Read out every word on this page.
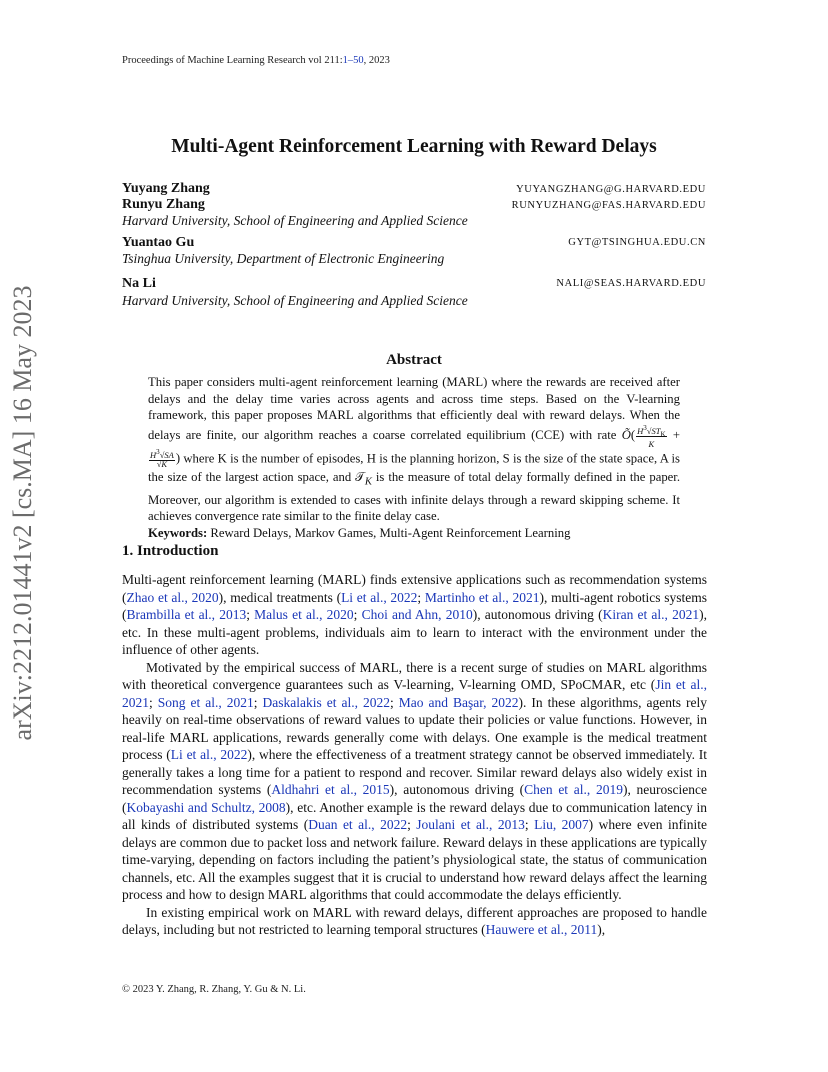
Proceedings of Machine Learning Research vol 211:1–50, 2023
Multi-Agent Reinforcement Learning with Reward Delays
Yuyang Zhang	YUYANGZHANG@G.HARVARD.EDU
Runyu Zhang	RUNYUZHANG@FAS.HARVARD.EDU
Harvard University, School of Engineering and Applied Science
Yuantao Gu	GYT@TSINGHUA.EDU.CN
Tsinghua University, Department of Electronic Engineering
Na Li	NALI@SEAS.HARVARD.EDU
Harvard University, School of Engineering and Applied Science
arXiv:2212.01441v2 [cs.MA] 16 May 2023	Abstract

This paper considers multi-agent reinforcement learning (MARL) where the rewards are received after delays and the delay time varies across agents and across time steps. Based on the V-learning framework, this paper proposes MARL algorithms that efficiently deal with reward delays. When the delays are finite, our algorithm reaches a coarse correlated equilibrium (CCE) with rate $Õ(\frac{H^3√ST_K}{K} + H^3√SA$
√K ) where K is the number of episodes, H is the planning horizon, S is the size of the state space, A is the size of the largest action space, and 𝒯$_K$ is the measure of total delay formally defined in the paper. Moreover, our algorithm is extended to cases with infinite delays through a reward skipping scheme. It achieves convergence rate similar to the finite delay case.

Keywords: Reward Delays, Markov Games, Multi-Agent Reinforcement Learning

1. Introduction

Multi-agent reinforcement learning (MARL) finds extensive applications such as recommendation systems (Zhao et al., 2020), medical treatments (Li et al., 2022; Martinho et al., 2021), multi-agent robotics systems (Brambilla et al., 2013; Malus et al., 2020; Choi and Ahn, 2010), autonomous driving (Kiran et al., 2021), etc. In these multi-agent problems, individuals aim to learn to interact with the environment under the influence of other agents.

Motivated by the empirical success of MARL, there is a recent surge of studies on MARL algorithms with theoretical convergence guarantees such as V-learning, V-learning OMD, SPoCMAR, etc (Jin et al., 2021; Song et al., 2021; Daskalakis et al., 2022; Mao and Başar, 2022). In these algorithms, agents rely heavily on real-time observations of reward values to update their policies or value functions. However, in real-life MARL applications, rewards generally come with delays. One example is the medical treatment process (Li et al., 2022), where the effectiveness of a treatment strategy cannot be observed immediately. It generally takes a long time for a patient to respond and recover. Similar reward delays also widely exist in recommendation systems (Aldhahri et al., 2015), autonomous driving (Chen et al., 2019), neuroscience (Kobayashi and Schultz, 2008), etc. Another example is the reward delays due to communication latency in all kinds of distributed systems (Duan et al., 2022; Joulani et al., 2013; Liu, 2007) where even infinite delays are common due to packet loss and network failure. Reward delays in these applications are typically time-varying, depending on factors including the patient’s physiological state, the status of communication channels, etc. All the examples suggest that it is crucial to understand how reward delays affect the learning process and how to design MARL algorithms that could accommodate the delays efficiently.

In existing empirical work on MARL with reward delays, different approaches are proposed to handle delays, including but not restricted to learning temporal structures (Hauwere et al., 2011),

© 2023 Y. Zhang, R. Zhang, Y. Gu & N. Li.
